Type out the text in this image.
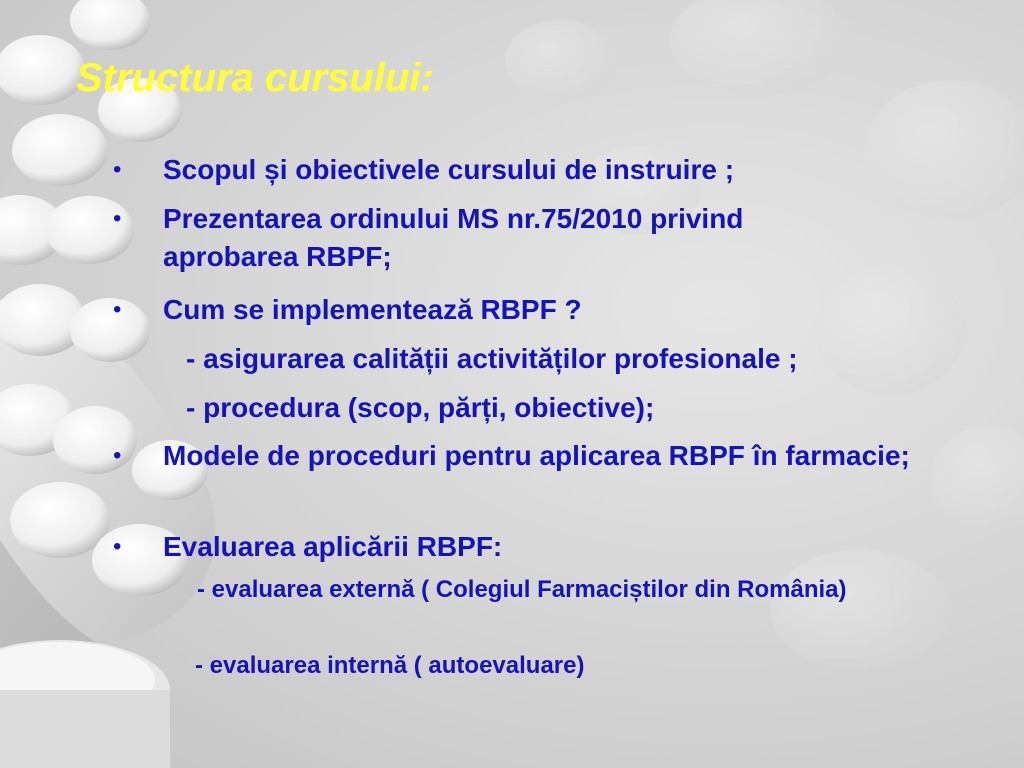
Structura cursului:
• Scopul și obiectivele cursului de instruire ;
• Prezentarea ordinului MS nr.75/2010 privind aprobarea RBPF;
• Cum se implementează RBPF ?
- asigurarea calității activităților profesionale ;
- procedura (scop, părți, obiective);
• Modele de proceduri pentru aplicarea RBPF în farmacie;
• Evaluarea aplicării RBPF:
- evaluarea externă ( Colegiul Farmaciștilor din România)
- evaluarea internă ( autoevaluare)
